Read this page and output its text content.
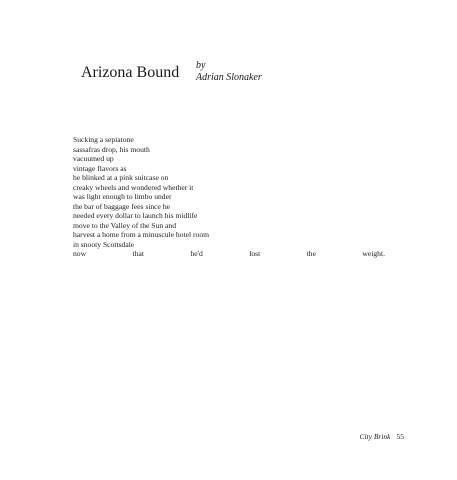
Arizona Bound by
Adrian Slonaker
Sucking a sepiatone
sassafras drop, his mouth
vacuumed up
vintage flavors as
he blinked at a pink suitcase on
creaky wheels and wondered whether it
was light enough to limbo under
the bar of baggage fees since he
needed every dollar to launch his midlife
move to the Valley of the Sun and
harvest a home from a minuscule hotel room
in snooty Scottsdale
now	that	he'd	lost	the	weight.
City Brink 55
